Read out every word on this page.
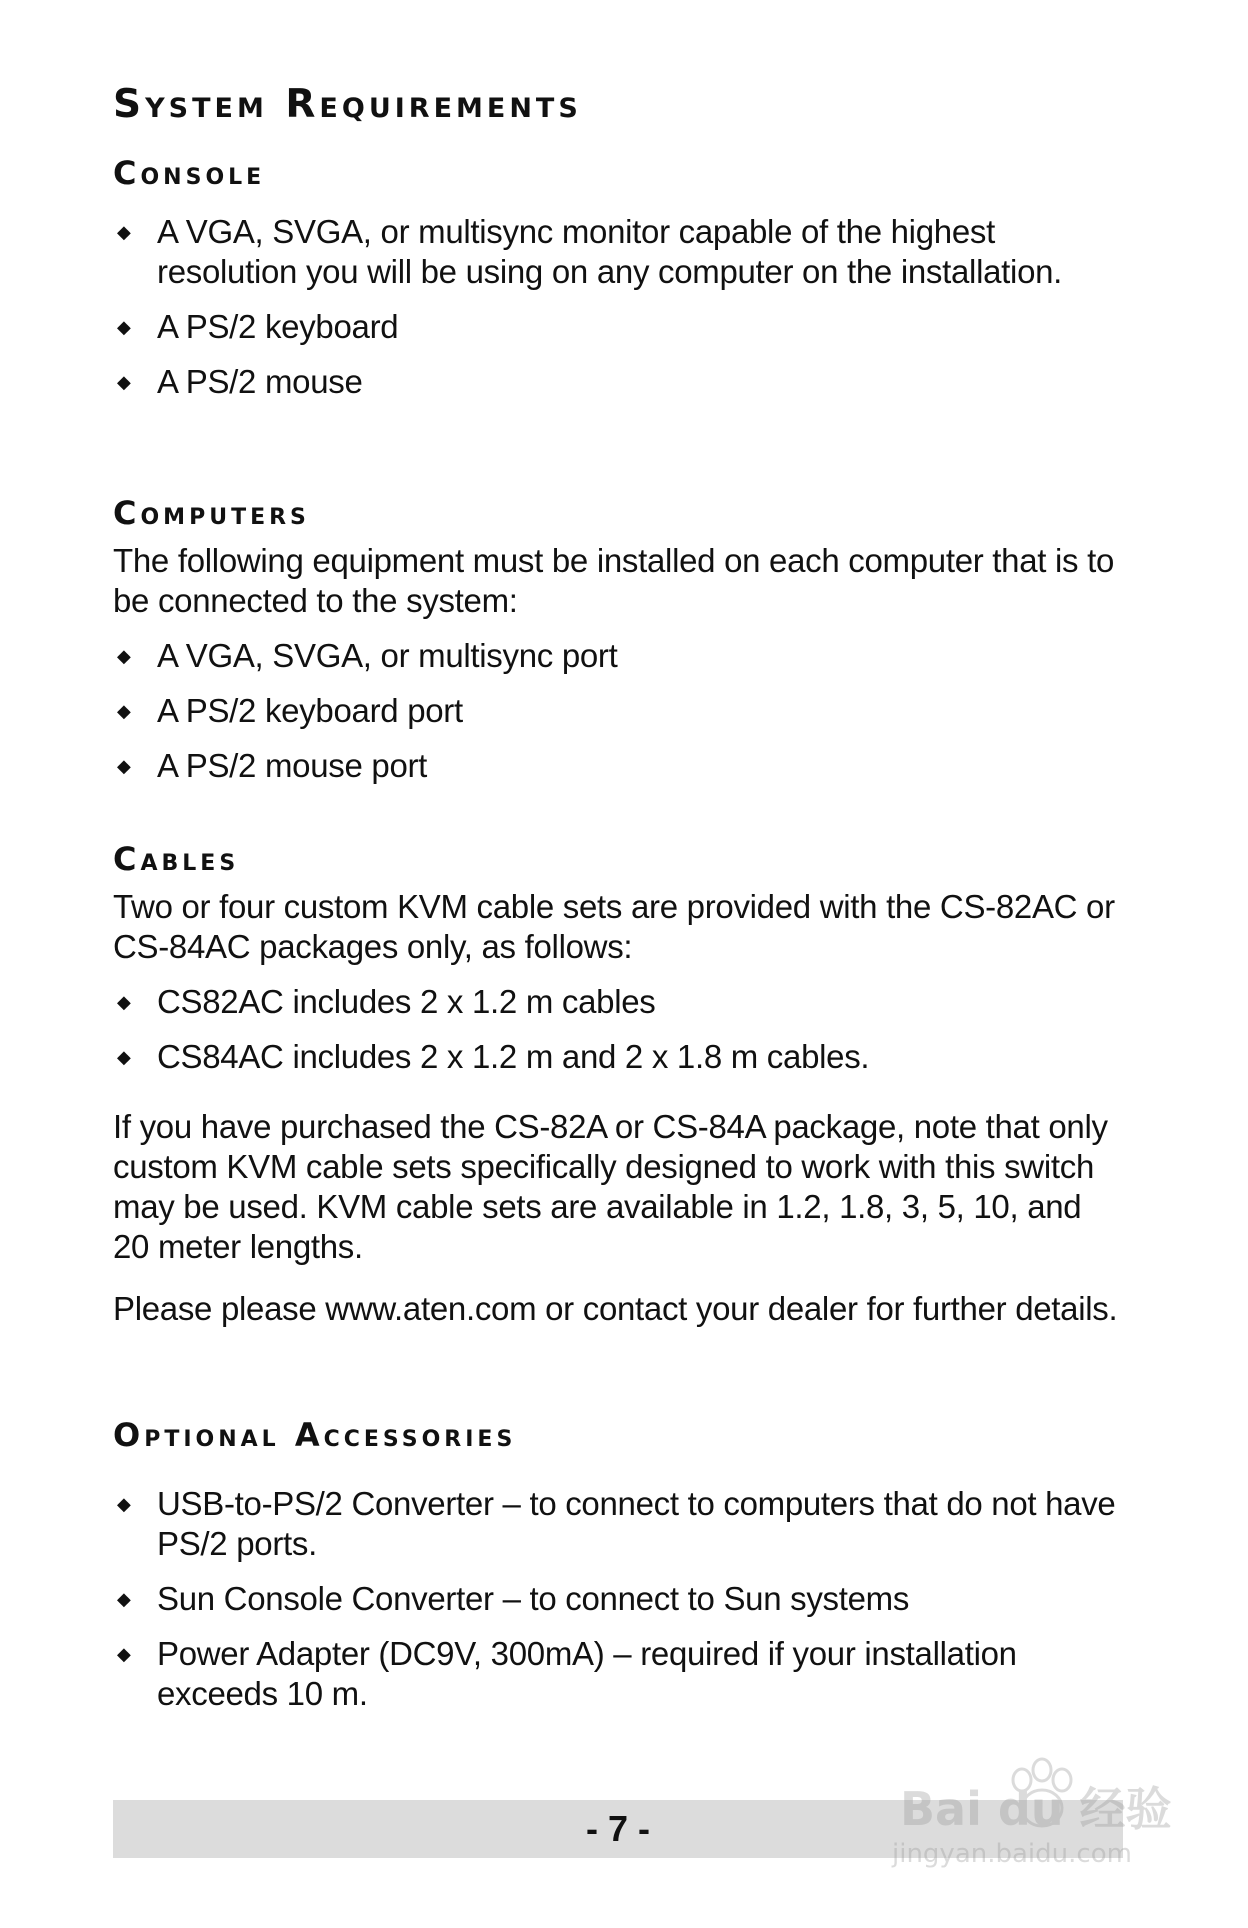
System Requirements
Console
◆ A VGA, SVGA, or multisync monitor capable of the highest resolution you will be using on any computer on the installation.
◆ A PS/2 keyboard
◆ A PS/2 mouse
Computers

The following equipment must be installed on each computer that is to be connected to the system:

◆ A VGA, SVGA, or multisync port
◆ A PS/2 keyboard port
◆ A PS/2 mouse port
Cables

Two or four custom KVM cable sets are provided with the CS-82AC or CS-84AC packages only, as follows:

◆ CS82AC includes 2 x 1.2 m cables
◆ CS84AC includes 2 x 1.2 m and 2 x 1.8 m cables.

If you have purchased the CS-82A or CS-84A package, note that only custom KVM cable sets specifically designed to work with this switch may be used. KVM cable sets are available in 1.2, 1.8, 3, 5, 10, and 20 meter lengths.

Please please www.aten.com or contact your dealer for further details.

Optional Accessories
◆ USB-to-PS/2 Converter – to connect to computers that do not have PS/2 ports.
◆ Sun Console Converter – to connect to Sun systems
◆ Power Adapter (DC9V, 300mA) – required if your installation exceeds 10 m.
- 7 -	Bai du 经验
jingyan.baidu.com
